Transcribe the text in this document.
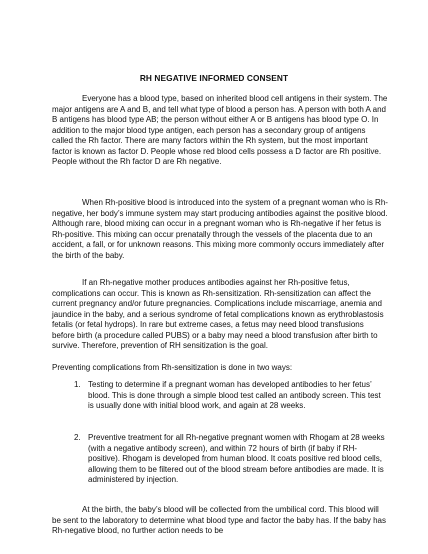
RH NEGATIVE INFORMED CONSENT

Everyone has a blood type, based on inherited blood cell antigens in their system. The major antigens are A and B, and tell what type of blood a person has. A person with both A and B antigens has blood type AB; the person without either A or B antigens has blood type O. In addition to the major blood type antigen, each person has a secondary group of antigens called the Rh factor. There are many factors within the Rh system, but the most important factor is known as factor D. People whose red blood cells possess a D factor are Rh positive. People without the Rh factor D are Rh negative.

When Rh-positive blood is introduced into the system of a pregnant woman who is Rh-negative, her body’s immune system may start producing antibodies against the positive blood. Although rare, blood mixing can occur in a pregnant woman who is Rh-negative if her fetus is Rh-positive. This mixing can occur prenatally through the vessels of the placenta due to an accident, a fall, or for unknown reasons. This mixing more commonly occurs immediately after the birth of the baby.

If an Rh-negative mother produces antibodies against her Rh-positive fetus, complications can occur. This is known as Rh-sensitization. Rh-sensitization can affect the current pregnancy and/or future pregnancies. Complications include miscarriage, anemia and jaundice in the baby, and a serious syndrome of fetal complications known as erythroblastosis fetalis (or fetal hydrops). In rare but extreme cases, a fetus may need blood transfusions before birth (a procedure called PUBS) or a baby may need a blood transfusion after birth to survive. Therefore, prevention of RH sensitization is the goal.

Preventing complications from Rh-sensitization is done in two ways:

1. Testing to determine if a pregnant woman has developed antibodies to her fetus’ blood. This is done through a simple blood test called an antibody screen. This test is usually done with initial blood work, and again at 28 weeks.

2. Preventive treatment for all Rh-negative pregnant women with Rhogam at 28 weeks (with a negative antibody screen), and within 72 hours of birth (if baby if RH-positive). Rhogam is developed from human blood. It coats positive red blood cells, allowing them to be filtered out of the blood stream before antibodies are made. It is administered by injection.

At the birth, the baby’s blood will be collected from the umbilical cord. This blood will be sent to the laboratory to determine what blood type and factor the baby has. If the baby has Rh-negative blood, no further action needs to be
